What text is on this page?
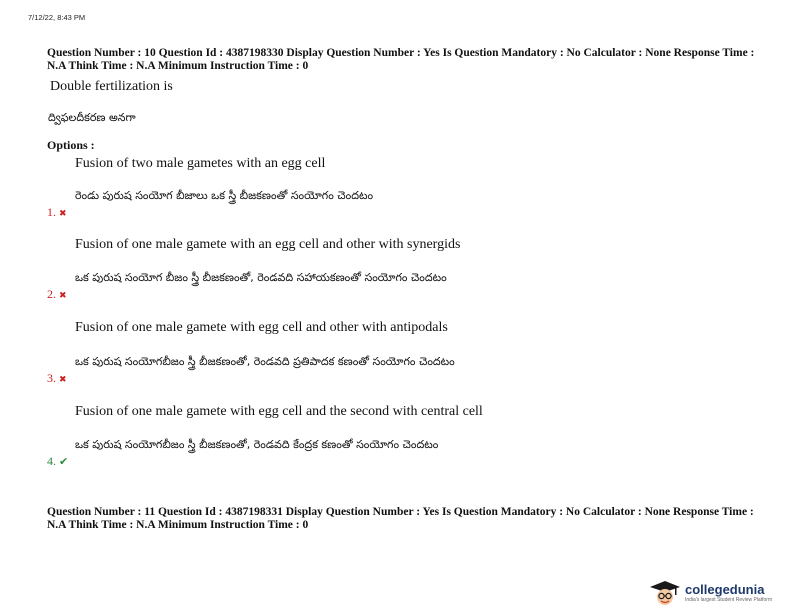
7/12/22, 8:43 PM
Question Number : 10 Question Id : 4387198330 Display Question Number : Yes Is Question Mandatory : No Calculator : None Response Time : N.A Think Time : N.A Minimum Instruction Time : 0
Double fertilization is
ద్విఫలదీకరణ అనగా
Options :
Fusion of two male gametes with an egg cell
రెండు పురుష సంయోగ బీజాలు ఒక స్త్రీ బీజకణంతో సంయోగం చెందటం
1. ✖
Fusion of one male gamete with an egg cell and other with synergids
ఒక పురుష సంయోగ బీజం స్త్రీ బీజకణంతో, రెండవది సహాయకణంతో సంయోగం చెందటం
2. ✖
Fusion of one male gamete with egg cell and other with antipodals
ఒక పురుష సంయోగబీజం స్త్రీ బీజకణంతో, రెండవది ప్రతిపాదక కణంతో సంయోగం చెందటం
3. ✖
Fusion of one male gamete with egg cell and the second with central cell
ఒక పురుష సంయోగబీజం స్త్రీ బీజకణంతో, రెండవది కేంద్రక కణంతో సంయోగం చెందటం
4. ✔
Question Number : 11 Question Id : 4387198331 Display Question Number : Yes Is Question Mandatory : No Calculator : None Response Time : N.A Think Time : N.A Minimum Instruction Time : 0
collegedunia
India's largest Student Review Platform
